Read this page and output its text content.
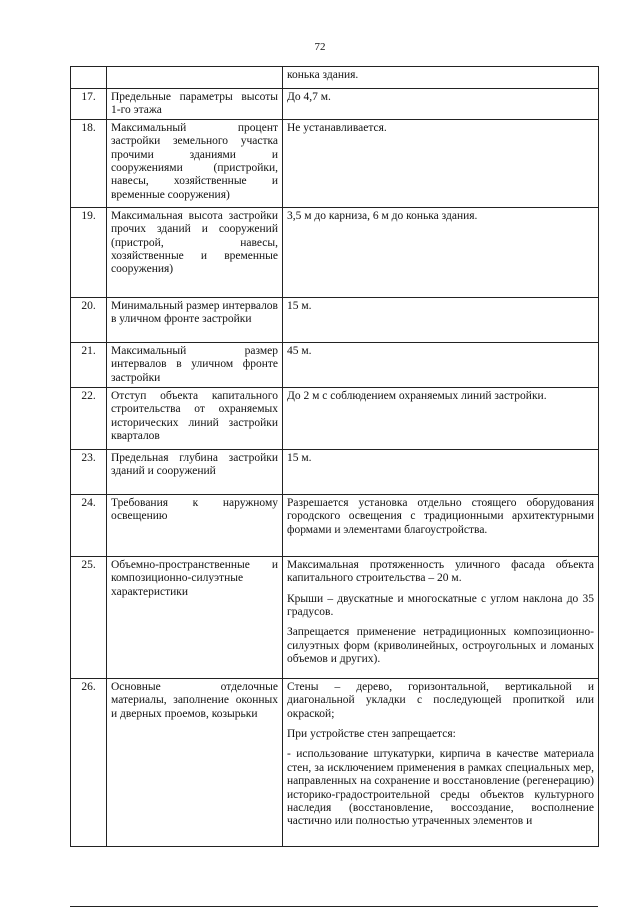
72

		конька здания.

17.	Предельные параметры высоты 1-го этажа	До 4,7 м.

18.	Максимальный процент застройки земельного участка прочими зданиями и сооружениями (пристройки, навесы, хозяйственные и временные сооружения)	Не устанавливается.

19.	Максимальная высота застройки прочих зданий и сооружений (пристрой, навесы, хозяйственные и временные сооружения)	3,5 м до карниза, 6 м до конька здания.

20.	Минимальный размер интервалов в уличном фронте застройки	15 м.

21.	Максимальный размер интервалов в уличном фронте застройки	45 м.

22.	Отступ объекта капитального строительства от охраняемых исторических линий застройки кварталов	До 2 м с соблюдением охраняемых линий застройки.

23.	Предельная глубина застройки зданий и сооружений	15 м.

24.	Требования к наружному освещению	Разрешается установка отдельно стоящего оборудования городского освещения с традиционными архитектурными формами и элементами благоустройства.

25.	Объемно-пространственные и композиционно-силуэтные характеристики	Максимальная протяженность уличного фасада объекта капитального строительства – 20 м.
Крыши – двускатные и многоскатные с углом наклона до 35 градусов.
Запрещается применение нетрадиционных композиционно-силуэтных форм (криволинейных, остроугольных и ломаных объемов и других).

26.	Основные отделочные материалы, заполнение оконных и дверных проемов, козырьки	Стены – дерево, горизонтальной, вертикальной и диагональной укладки с последующей пропиткой или окраской;
При устройстве стен запрещается:
- использование штукатурки, кирпича в качестве материала стен, за исключением применения в рамках специальных мер, направленных на сохранение и восстановление (регенерацию) историко-градостроительной среды объектов культурного наследия (восстановление, воссоздание, восполнение частично или полностью утраченных элементов и
